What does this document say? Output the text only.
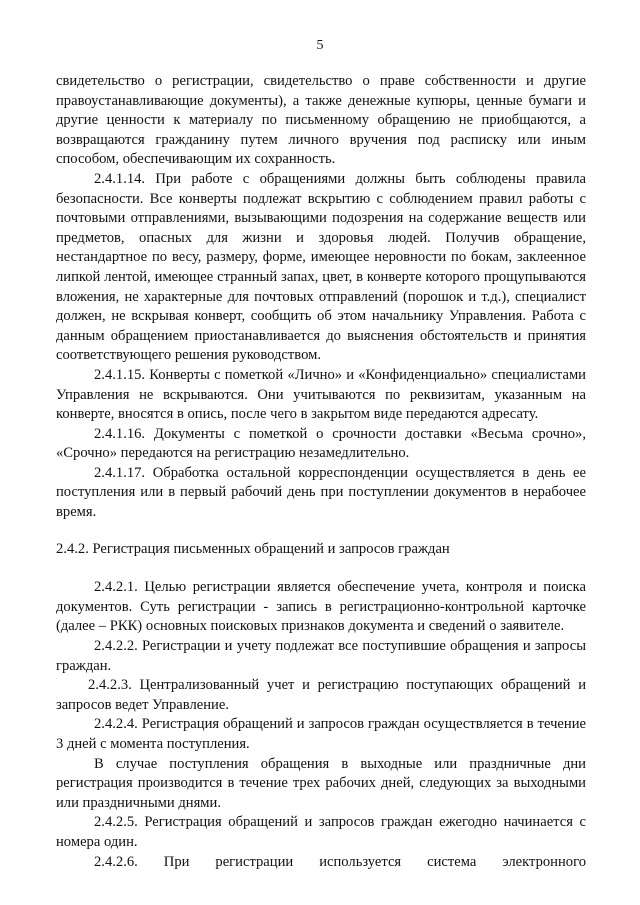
5

свидетельство о регистрации, свидетельство о праве собственности и другие правоустанавливающие документы), а также денежные купюры, ценные бумаги и другие ценности к материалу по письменному обращению не приобщаются, а возвращаются гражданину путем личного вручения под расписку или иным способом, обеспечивающим их сохранность.

2.4.1.14. При работе с обращениями должны быть соблюдены правила безопасности. Все конверты подлежат вскрытию с соблюдением правил работы с почтовыми отправлениями, вызывающими подозрения на содержание веществ или предметов, опасных для жизни и здоровья людей. Получив обращение, нестандартное по весу, размеру, форме, имеющее неровности по бокам, заклеенное липкой лентой, имеющее странный запах, цвет, в конверте которого прощупываются вложения, не характерные для почтовых отправлений (порошок и т.д.), специалист должен, не вскрывая конверт, сообщить об этом начальнику Управления. Работа с данным обращением приостанавливается до выяснения обстоятельств и принятия соответствующего решения руководством.

2.4.1.15. Конверты с пометкой «Лично» и «Конфиденциально» специалистами Управления не вскрываются. Они учитываются по реквизитам, указанным на конверте, вносятся в опись, после чего в закрытом виде передаются адресату.

2.4.1.16. Документы с пометкой о срочности доставки «Весьма срочно», «Срочно» передаются на регистрацию незамедлительно.

2.4.1.17. Обработка остальной корреспонденции осуществляется в день ее поступления или в первый рабочий день при поступлении документов в нерабочее время.

2.4.2. Регистрация письменных обращений и запросов граждан

2.4.2.1. Целью регистрации является обеспечение учета, контроля и поиска документов. Суть регистрации - запись в регистрационно-контрольной карточке (далее – РКК) основных поисковых признаков документа и сведений о заявителе.

2.4.2.2. Регистрации и учету подлежат все поступившие обращения и запросы граждан.

2.4.2.3. Централизованный учет и регистрацию поступающих обращений и запросов ведет Управление.

2.4.2.4. Регистрация обращений и запросов граждан осуществляется в течение 3 дней с момента поступления.

В случае поступления обращения в выходные или праздничные дни регистрация производится в течение трех рабочих дней, следующих за выходными или праздничными днями.

2.4.2.5. Регистрация обращений и запросов граждан ежегодно начинается с номера один.

2.4.2.6. При регистрации используется система электронного
